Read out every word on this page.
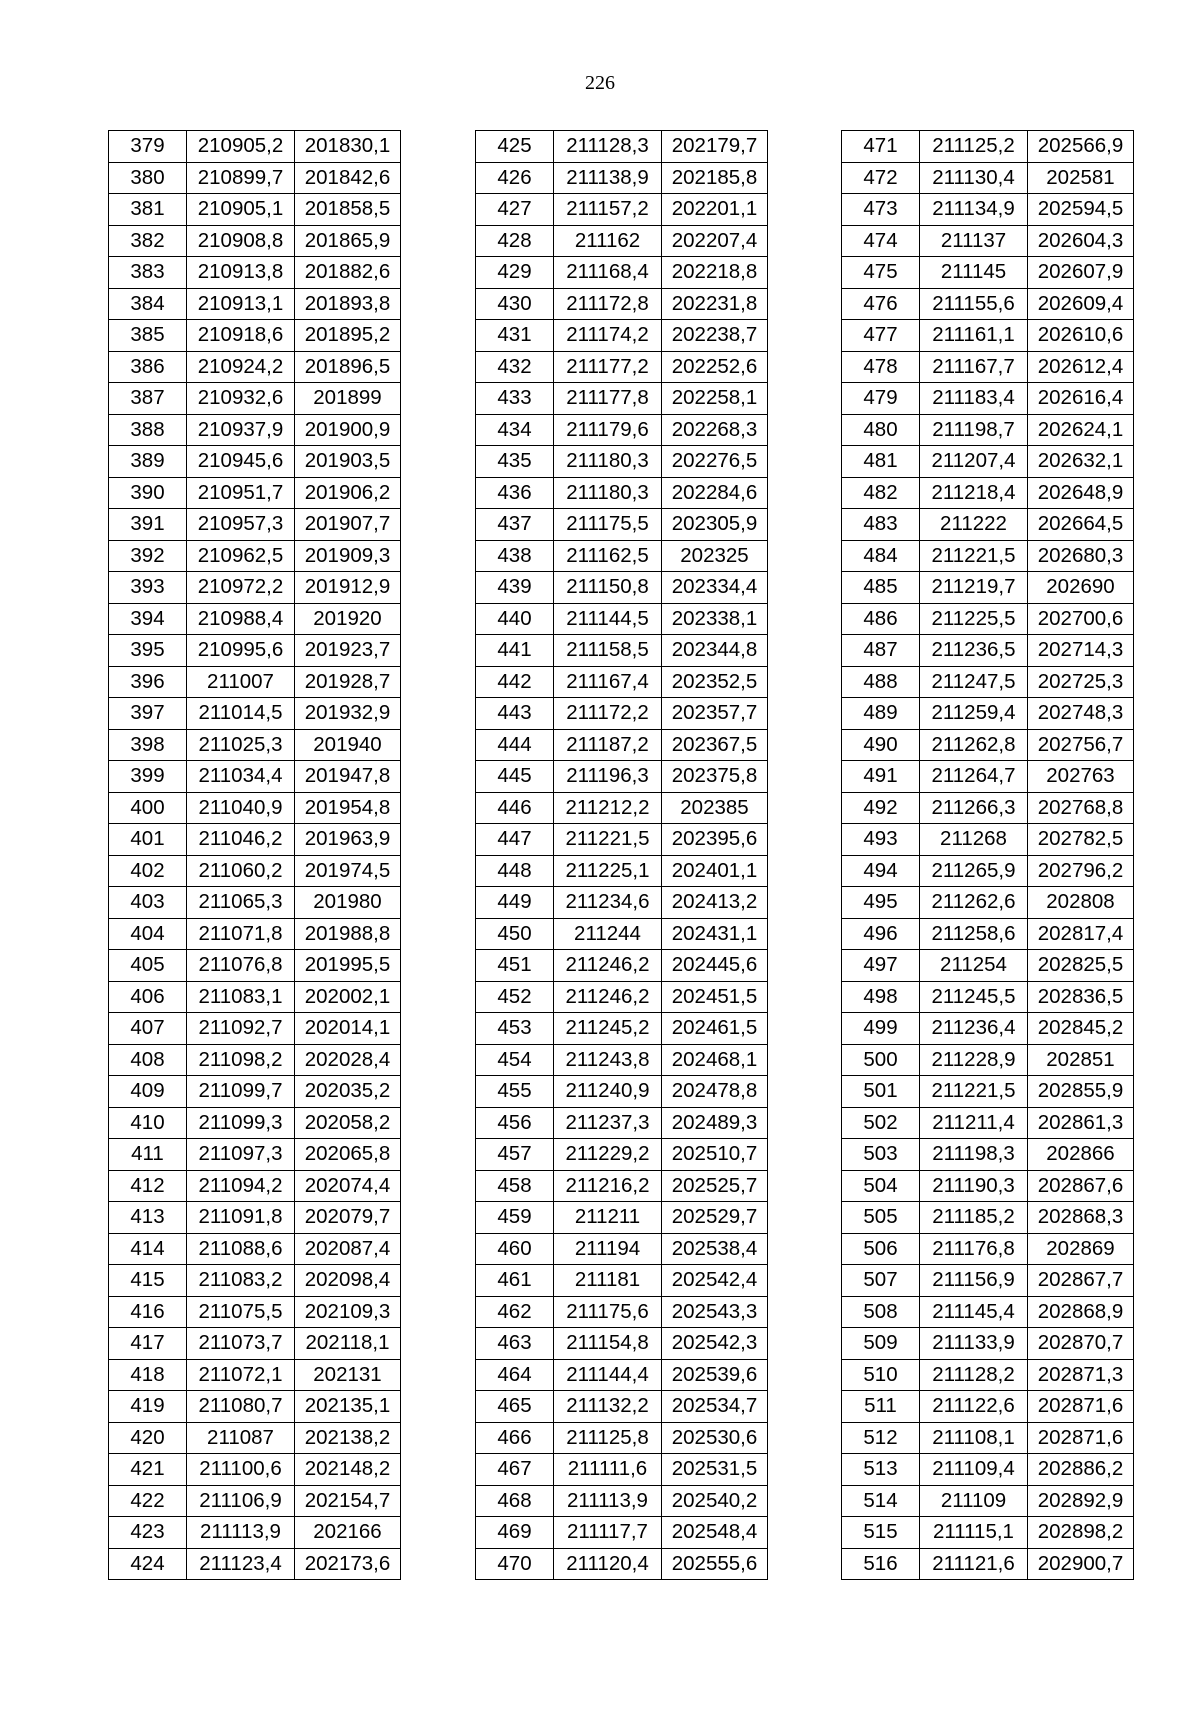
226
379	210905,2	201830,1
380	210899,7	201842,6
381	210905,1	201858,5
382	210908,8	201865,9
383	210913,8	201882,6
384	210913,1	201893,8
385	210918,6	201895,2
386	210924,2	201896,5
387	210932,6	201899
388	210937,9	201900,9
389	210945,6	201903,5
390	210951,7	201906,2
391	210957,3	201907,7
392	210962,5	201909,3
393	210972,2	201912,9
394	210988,4	201920
395	210995,6	201923,7
396	211007	201928,7
397	211014,5	201932,9
398	211025,3	201940
399	211034,4	201947,8
400	211040,9	201954,8
401	211046,2	201963,9
402	211060,2	201974,5
403	211065,3	201980
404	211071,8	201988,8
405	211076,8	201995,5
406	211083,1	202002,1
407	211092,7	202014,1
408	211098,2	202028,4
409	211099,7	202035,2
410	211099,3	202058,2
411	211097,3	202065,8
412	211094,2	202074,4
413	211091,8	202079,7
414	211088,6	202087,4
415	211083,2	202098,4
416	211075,5	202109,3
417	211073,7	202118,1
418	211072,1	202131
419	211080,7	202135,1
420	211087	202138,2
421	211100,6	202148,2
422	211106,9	202154,7
423	211113,9	202166
424	211123,4	202173,6
425	211128,3	202179,7
426	211138,9	202185,8
427	211157,2	202201,1
428	211162	202207,4
429	211168,4	202218,8
430	211172,8	202231,8
431	211174,2	202238,7
432	211177,2	202252,6
433	211177,8	202258,1
434	211179,6	202268,3
435	211180,3	202276,5
436	211180,3	202284,6
437	211175,5	202305,9
438	211162,5	202325
439	211150,8	202334,4
440	211144,5	202338,1
441	211158,5	202344,8
442	211167,4	202352,5
443	211172,2	202357,7
444	211187,2	202367,5
445	211196,3	202375,8
446	211212,2	202385
447	211221,5	202395,6
448	211225,1	202401,1
449	211234,6	202413,2
450	211244	202431,1
451	211246,2	202445,6
452	211246,2	202451,5
453	211245,2	202461,5
454	211243,8	202468,1
455	211240,9	202478,8
456	211237,3	202489,3
457	211229,2	202510,7
458	211216,2	202525,7
459	211211	202529,7
460	211194	202538,4
461	211181	202542,4
462	211175,6	202543,3
463	211154,8	202542,3
464	211144,4	202539,6
465	211132,2	202534,7
466	211125,8	202530,6
467	211111,6	202531,5
468	211113,9	202540,2
469	211117,7	202548,4
470	211120,4	202555,6
471	211125,2	202566,9
472	211130,4	202581
473	211134,9	202594,5
474	211137	202604,3
475	211145	202607,9
476	211155,6	202609,4
477	211161,1	202610,6
478	211167,7	202612,4
479	211183,4	202616,4
480	211198,7	202624,1
481	211207,4	202632,1
482	211218,4	202648,9
483	211222	202664,5
484	211221,5	202680,3
485	211219,7	202690
486	211225,5	202700,6
487	211236,5	202714,3
488	211247,5	202725,3
489	211259,4	202748,3
490	211262,8	202756,7
491	211264,7	202763
492	211266,3	202768,8
493	211268	202782,5
494	211265,9	202796,2
495	211262,6	202808
496	211258,6	202817,4
497	211254	202825,5
498	211245,5	202836,5
499	211236,4	202845,2
500	211228,9	202851
501	211221,5	202855,9
502	211211,4	202861,3
503	211198,3	202866
504	211190,3	202867,6
505	211185,2	202868,3
506	211176,8	202869
507	211156,9	202867,7
508	211145,4	202868,9
509	211133,9	202870,7
510	211128,2	202871,3
511	211122,6	202871,6
512	211108,1	202871,6
513	211109,4	202886,2
514	211109	202892,9
515	211115,1	202898,2
516	211121,6	202900,7
